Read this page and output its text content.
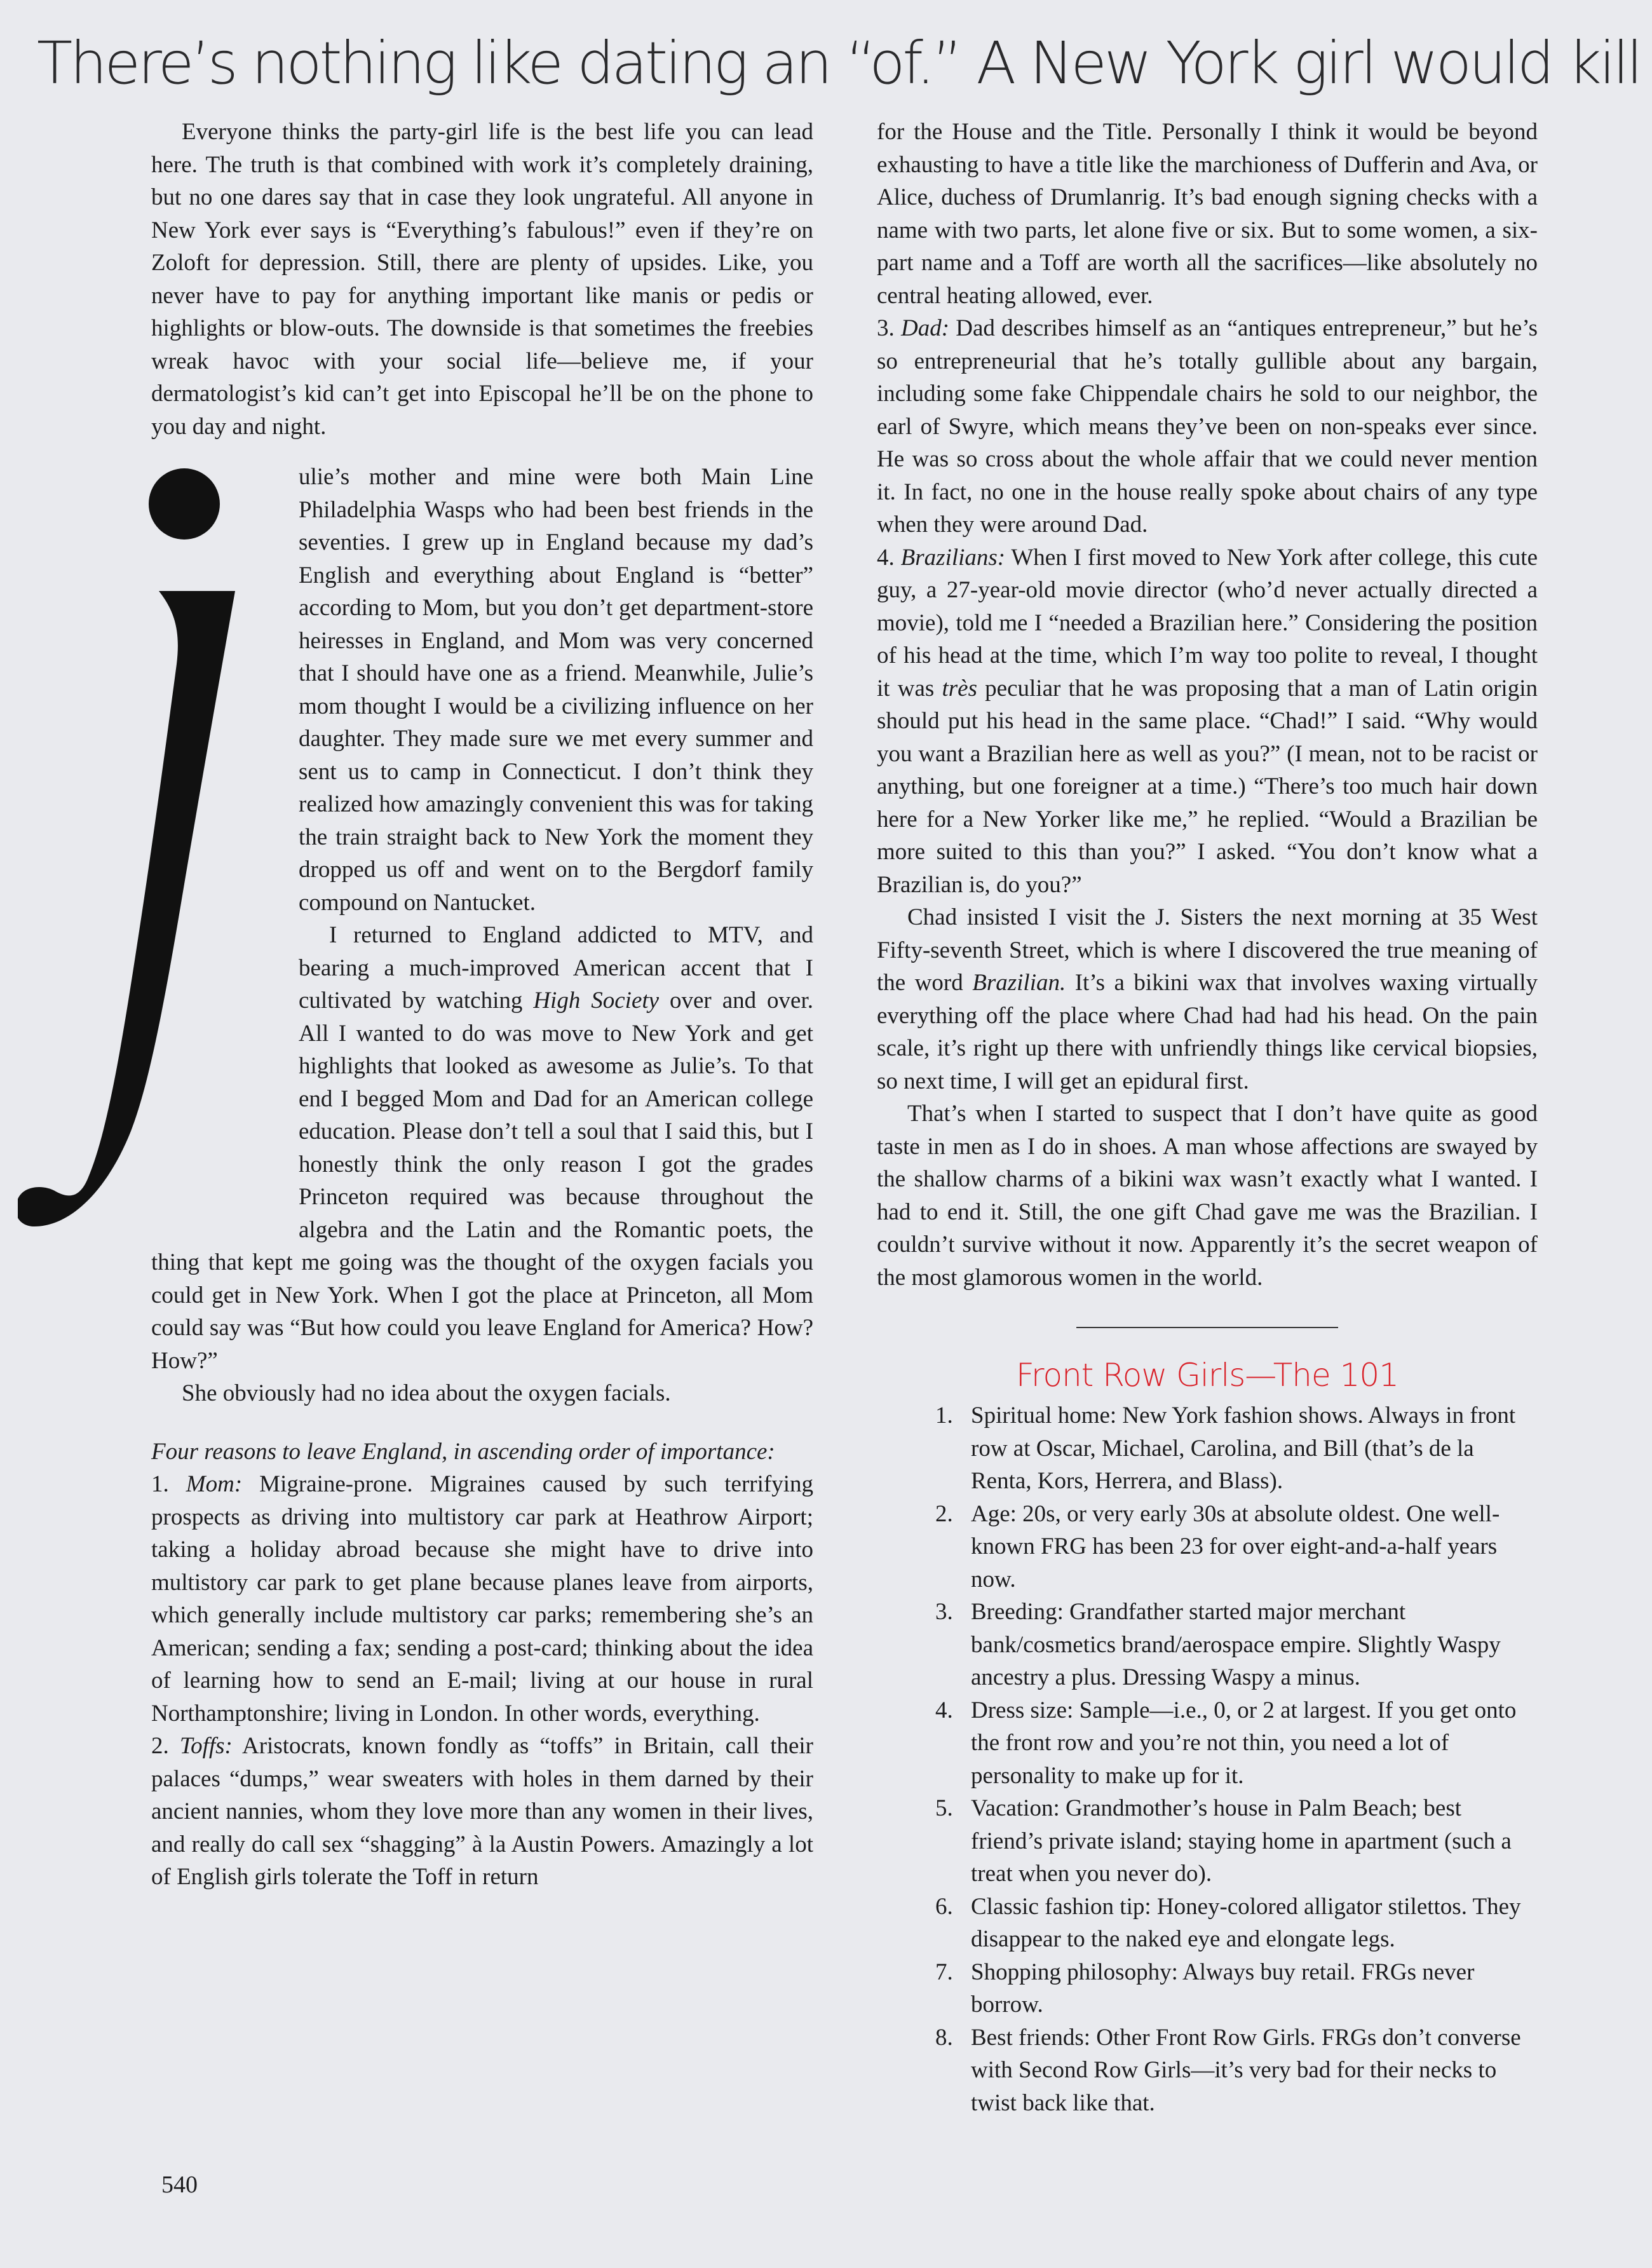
There’s nothing like dating an “of.” A New York girl would kill

Everyone thinks the party-girl life is the best life you can lead here. The truth is that combined with work it’s completely draining, but no one dares say that in case they look ungrateful. All anyone in New York ever says is “Everything’s fabulous!” even if they’re on Zoloft for depression. Still, there are plenty of upsides. Like, you never have to pay for anything important like manis or pedis or highlights or blow-outs. The downside is that sometimes the freebies wreak havoc with your social life—believe me, if your dermatologist’s kid can’t get into Episcopal he’ll be on the phone to you day and night.

ulie’s mother and mine were both Main Line Philadelphia Wasps who had been best friends in the seventies. I grew up in England because my dad’s English and everything about England is “better” according to Mom, but you don’t get department-store heiresses in England, and Mom was very concerned that I should have one as a friend. Meanwhile, Julie’s mom thought I would be a civilizing influence on her daughter. They made sure we met every summer and sent us to camp in Connecticut. I don’t think they realized how amazingly convenient this was for taking the train straight back to New York the moment they dropped us off and went on to the Bergdorf family compound on Nantucket.

I returned to England addicted to MTV, and bearing a much-improved American accent that I cultivated by watching High Society over and over. All I wanted to do was move to New York and get highlights that looked as awesome as Julie’s. To that end I begged Mom and Dad for an American college education. Please don’t tell a soul that I said this, but I honestly think the only reason I got the grades Princeton required was because throughout the algebra and the Latin and the Romantic poets, the thing that kept me going was the thought of the oxygen facials you could get in New York. When I got the place at Princeton, all Mom could say was “But how could you leave England for America? How? How?”

She obviously had no idea about the oxygen facials.

Four reasons to leave England, in ascending order of importance:

1. Mom: Migraine-prone. Migraines caused by such terrifying prospects as driving into multistory car park at Heathrow Airport; taking a holiday abroad because she might have to drive into multistory car park to get plane because planes leave from airports, which generally include multistory car parks; remembering she’s an American; sending a fax; sending a post-card; thinking about the idea of learning how to send an E-mail; living at our house in rural Northamptonshire; living in London. In other words, everything.

2. Toffs: Aristocrats, known fondly as “toffs” in Britain, call their palaces “dumps,” wear sweaters with holes in them darned by their ancient nannies, whom they love more than any women in their lives, and really do call sex “shagging” à la Austin Powers. Amazingly a lot of English girls tolerate the Toff in return

for the House and the Title. Personally I think it would be beyond exhausting to have a title like the marchioness of Dufferin and Ava, or Alice, duchess of Drumlanrig. It’s bad enough signing checks with a name with two parts, let alone five or six. But to some women, a six-part name and a Toff are worth all the sacrifices—like absolutely no central heating allowed, ever.

3. Dad: Dad describes himself as an “antiques entrepreneur,” but he’s so entrepreneurial that he’s totally gullible about any bargain, including some fake Chippendale chairs he sold to our neighbor, the earl of Swyre, which means they’ve been on non-speaks ever since. He was so cross about the whole affair that we could never mention it. In fact, no one in the house really spoke about chairs of any type when they were around Dad.

4. Brazilians: When I first moved to New York after college, this cute guy, a 27-year-old movie director (who’d never actually directed a movie), told me I “needed a Brazilian here.” Considering the position of his head at the time, which I’m way too polite to reveal, I thought it was très peculiar that he was proposing that a man of Latin origin should put his head in the same place. “Chad!” I said. “Why would you want a Brazilian here as well as you?” (I mean, not to be racist or anything, but one foreigner at a time.) “There’s too much hair down here for a New Yorker like me,” he replied. “Would a Brazilian be more suited to this than you?” I asked. “You don’t know what a Brazilian is, do you?”

Chad insisted I visit the J. Sisters the next morning at 35 West Fifty-seventh Street, which is where I discovered the true meaning of the word Brazilian. It’s a bikini wax that involves waxing virtually everything off the place where Chad had had his head. On the pain scale, it’s right up there with unfriendly things like cervical biopsies, so next time, I will get an epidural first.

That’s when I started to suspect that I don’t have quite as good taste in men as I do in shoes. A man whose affections are swayed by the shallow charms of a bikini wax wasn’t exactly what I wanted. I had to end it. Still, the one gift Chad gave me was the Brazilian. I couldn’t survive without it now. Apparently it’s the secret weapon of the most glamorous women in the world.

Front Row Girls—The 101
1. Spiritual home: New York fashion shows. Always in front row at Oscar, Michael, Carolina, and Bill (that’s de la Renta, Kors, Herrera, and Blass).
2. Age: 20s, or very early 30s at absolute oldest. One well-known FRG has been 23 for over eight-and-a-half years now.
3. Breeding: Grandfather started major merchant bank/cosmetics brand/aerospace empire. Slightly Waspy ancestry a plus. Dressing Waspy a minus.
4. Dress size: Sample—i.e., 0, or 2 at largest. If you get onto the front row and you’re not thin, you need a lot of personality to make up for it.
5. Vacation: Grandmother’s house in Palm Beach; best friend’s private island; staying home in apartment (such a treat when you never do).
6. Classic fashion tip: Honey-colored alligator stilettos. They disappear to the naked eye and elongate legs.
7. Shopping philosophy: Always buy retail. FRGs never borrow.
8. Best friends: Other Front Row Girls. FRGs don’t converse with Second Row Girls—it’s very bad for their necks to twist back like that.
540
